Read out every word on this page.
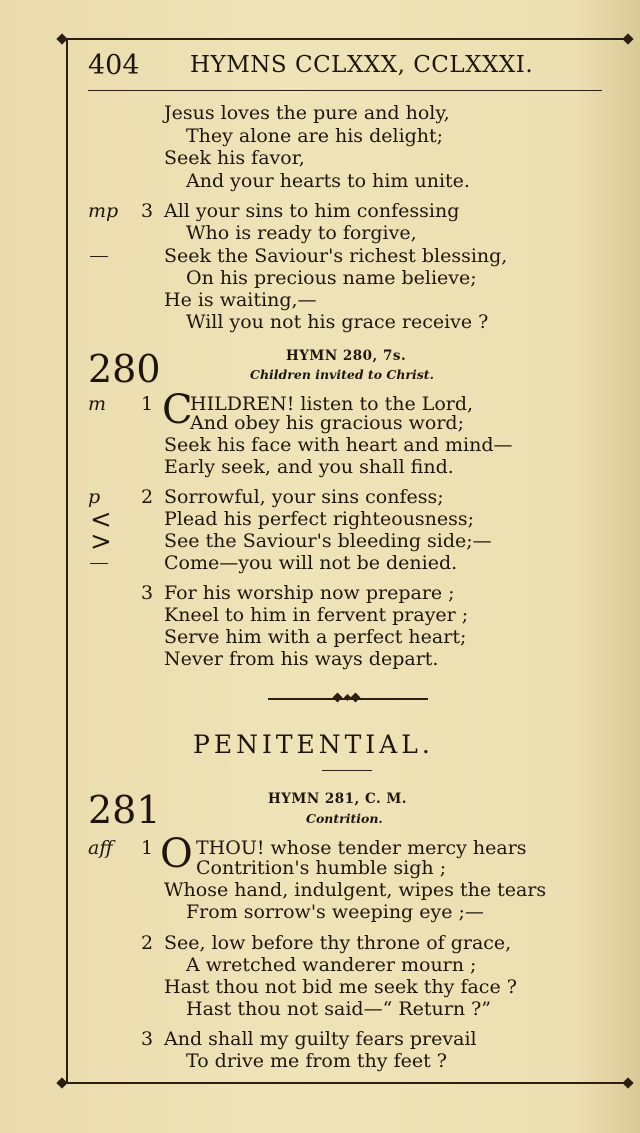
404 HYMNS CCLXXX, CCLXXXI.
Jesus loves the pure and holy,
They alone are his delight;
Seek his favor,
And your hearts to him unite.
mp 3 All your sins to him confessing
Who is ready to forgive,
Seek the Saviour's richest blessing,
On his precious name believe;
He is waiting,—
Will you not his grace receive ?
280	HYMN 280, 7s.
Children invited to Christ.
m 1 C
HILDREN! listen to the Lord,
And obey his gracious word;
Seek his face with heart and mind—
Early seek, and you shall find.
p 2 Sorrowful, your sins confess;
<	Plead his perfect righteousness;
>	See the Saviour's bleeding side;—
Come—you will not be denied.
3 For his worship now prepare ;
Kneel to him in fervent prayer ;
Serve him with a perfect heart;
Never from his ways depart.
PENITENTIAL.
281	HYMN 281, C. M.
Contrition.
aff 1 O THOU! whose tender mercy hears
Contrition's humble sigh ;
Whose hand, indulgent, wipes the tears
From sorrow's weeping eye ;—
2 See, low before thy throne of grace,
A wretched wanderer mourn ;
Hast thou not bid me seek thy face ?
Hast thou not said—“ Return ?”
3 And shall my guilty fears prevail
To drive me from thy feet ?
